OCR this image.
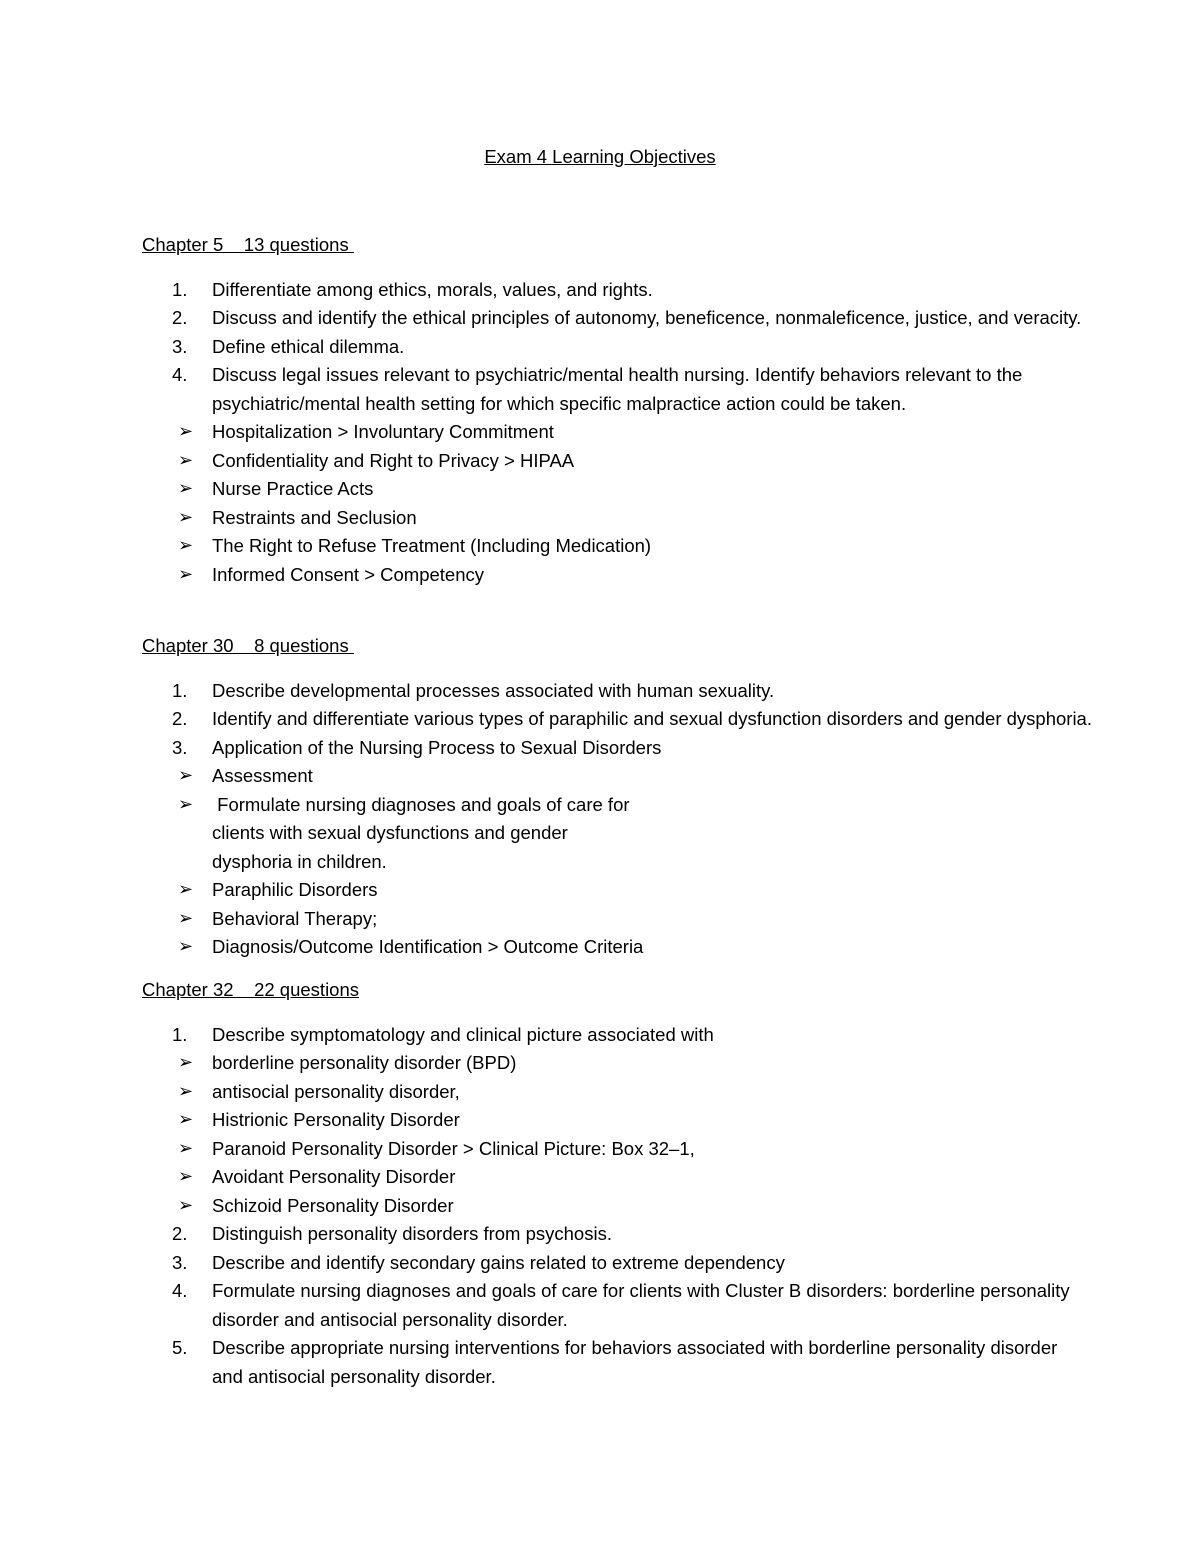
Exam 4 Learning Objectives
Chapter 5    13 questions
1. Differentiate among ethics, morals, values, and rights.
2. Discuss and identify the ethical principles of autonomy, beneficence, nonmaleficence, justice, and veracity.
3. Define ethical dilemma.
4. Discuss legal issues relevant to psychiatric/mental health nursing. Identify behaviors relevant to the psychiatric/mental health setting for which specific malpractice action could be taken.
➢ Hospitalization > Involuntary Commitment
➢ Confidentiality and Right to Privacy > HIPAA
➢ Nurse Practice Acts
➢ Restraints and Seclusion
➢ The Right to Refuse Treatment (Including Medication)
➢ Informed Consent > Competency
Chapter 30    8 questions
1. Describe developmental processes associated with human sexuality.
2. Identify and differentiate various types of paraphilic and sexual dysfunction disorders and gender dysphoria.
3. Application of the Nursing Process to Sexual Disorders
➢ Assessment
➢ Formulate nursing diagnoses and goals of care for clients with sexual dysfunctions and gender dysphoria in children.
➢ Paraphilic Disorders
➢ Behavioral Therapy;
➢ Diagnosis/Outcome Identification > Outcome Criteria
Chapter 32    22 questions
1. Describe symptomatology and clinical picture associated with
➢ borderline personality disorder (BPD)
➢ antisocial personality disorder,
➢ Histrionic Personality Disorder
➢ Paranoid Personality Disorder > Clinical Picture: Box 32–1,
➢ Avoidant Personality Disorder
➢ Schizoid Personality Disorder
2. Distinguish personality disorders from psychosis.
3. Describe and identify secondary gains related to extreme dependency
4. Formulate nursing diagnoses and goals of care for clients with Cluster B disorders: borderline personality disorder and antisocial personality disorder.
5. Describe appropriate nursing interventions for behaviors associated with borderline personality disorder and antisocial personality disorder.
